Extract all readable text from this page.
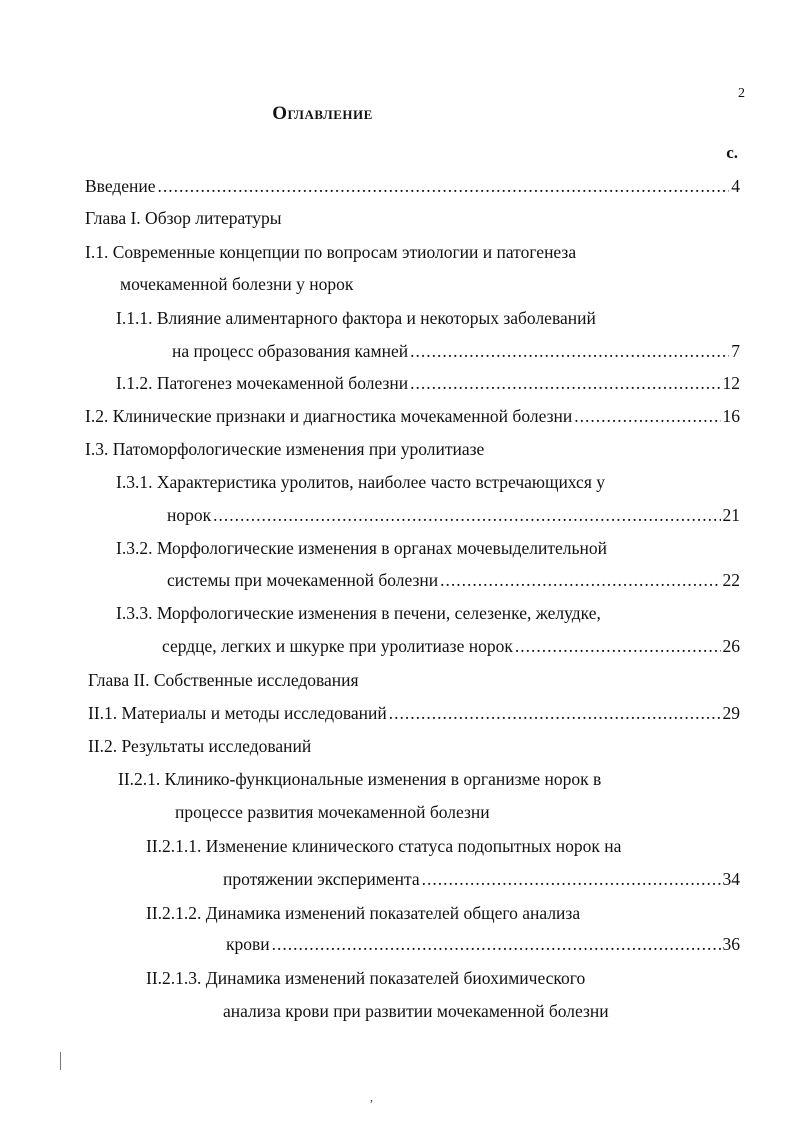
2
Оглавление
с.
Введение .....	4
Глава I. Обзор литературы
I.1. Современные концепции по вопросам этиологии и патогенеза
мочекаменной болезни у норок
I.1.1. Влияние алиментарного фактора и некоторых заболеваний
на процесс образования камней .....	7
I.1.2. Патогенез мочекаменной болезни .....	12
I.2. Клинические признаки и диагностика мочекаменной болезни .....	16
I.3. Патоморфологические изменения при уролитиазе
I.3.1. Характеристика уролитов, наиболее часто встречающихся у
норок .....	21
I.3.2. Морфологические изменения в органах мочевыделительной
системы при мочекаменной болезни .....	22
I.3.3. Морфологические изменения в печени, селезенке, желудке,
сердце, легких и шкурке при уролитиазе норок .....	26
Глава II. Собственные исследования
II.1. Материалы и методы исследований .....	29
II.2. Результаты исследований
II.2.1. Клинико-функциональные изменения в организме норок в
процессе развития мочекаменной болезни
II.2.1.1. Изменение клинического статуса подопытных норок на
протяжении эксперимента .....	34
II.2.1.2. Динамика изменений показателей общего анализа
крови .....	36
II.2.1.3. Динамика изменений показателей биохимического
анализа крови при развитии мочекаменной болезни
,
